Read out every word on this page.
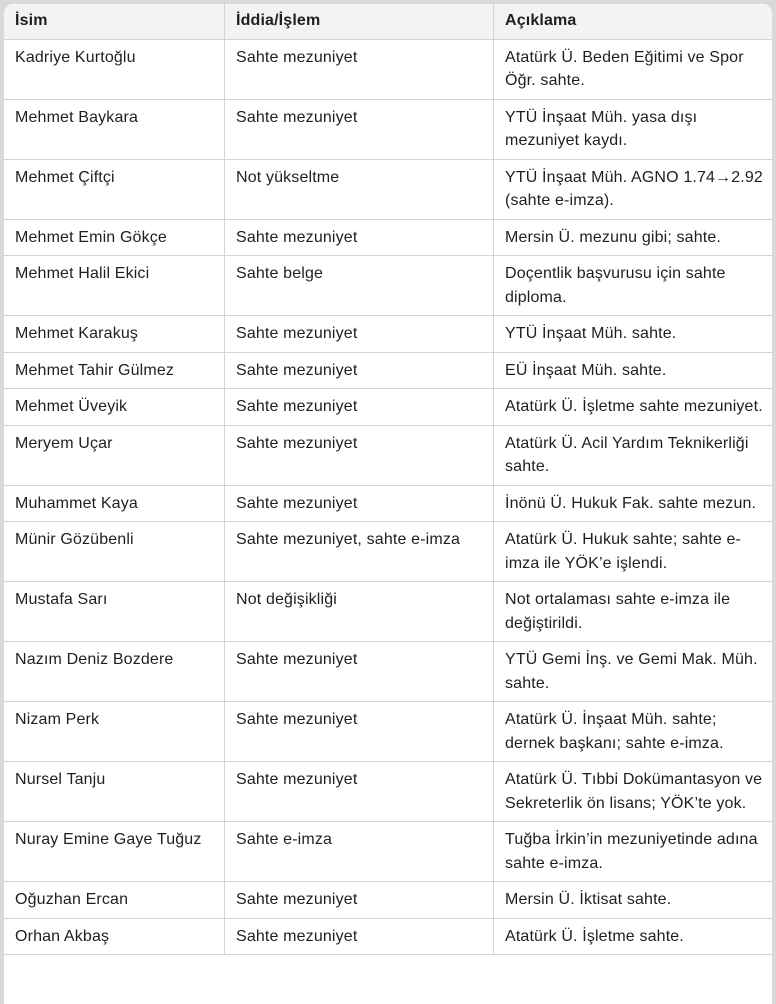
İsim	İddia/İşlem	Açıklama
Kadriye Kurtoğlu	Sahte mezuniyet	Atatürk Ü. Beden Eğitimi ve Spor Öğr. sahte.
Mehmet Baykara	Sahte mezuniyet	YTÜ İnşaat Müh. yasa dışı mezuniyet kaydı.
Mehmet Çiftçi	Not yükseltme	YTÜ İnşaat Müh. AGNO 1.74→2.92 (sahte e-imza).
Mehmet Emin Gökçe	Sahte mezuniyet	Mersin Ü. mezunu gibi; sahte.
Mehmet Halil Ekici	Sahte belge	Doçentlik başvurusu için sahte diploma.
Mehmet Karakuş	Sahte mezuniyet	YTÜ İnşaat Müh. sahte.
Mehmet Tahir Gülmez	Sahte mezuniyet	EÜ İnşaat Müh. sahte.
Mehmet Üveyik	Sahte mezuniyet	Atatürk Ü. İşletme sahte mezuniyet.
Meryem Uçar	Sahte mezuniyet	Atatürk Ü. Acil Yardım Teknikerliği sahte.
Muhammet Kaya	Sahte mezuniyet	İnönü Ü. Hukuk Fak. sahte mezun.
Münir Gözübenli	Sahte mezuniyet, sahte e-imza	Atatürk Ü. Hukuk sahte; sahte e-imza ile YÖK’e işlendi.
Mustafa Sarı	Not değişikliği	Not ortalaması sahte e-imza ile değiştirildi.
Nazım Deniz Bozdere	Sahte mezuniyet	YTÜ Gemi İnş. ve Gemi Mak. Müh. sahte.
Nizam Perk	Sahte mezuniyet	Atatürk Ü. İnşaat Müh. sahte; dernek başkanı; sahte e-imza.
Nursel Tanju	Sahte mezuniyet	Atatürk Ü. Tıbbi Dokümantasyon ve Sekreterlik ön lisans; YÖK’te yok.
Nuray Emine Gaye Tuğuz	Sahte e-imza	Tuğba İrkin’in mezuniyetinde adına sahte e-imza.
Oğuzhan Ercan	Sahte mezuniyet	Mersin Ü. İktisat sahte.
Orhan Akbaş	Sahte mezuniyet	Atatürk Ü. İşletme sahte.
